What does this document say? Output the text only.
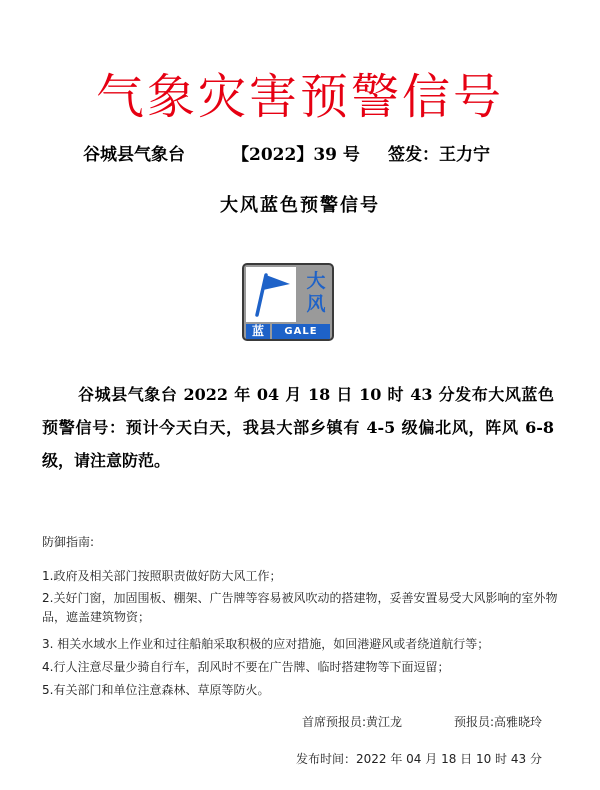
气象灾害预警信号
谷城县气象台	【2022】39 号 签发：王力宁
大风蓝色预警信号
大
风
蓝	GALE
谷城县气象台 2022 年 04 月 18 日 10 时 43 分发布大风蓝色预警信号：预计今天白天，我县大部乡镇有 4-5 级偏北风，阵风 6-8 级，请注意防范。
防御指南:
1.政府及相关部门按照职责做好防大风工作；
2.关好门窗，加固围板、棚架、广告牌等容易被风吹动的搭建物，妥善安置易受大风影响的室外物品，遮盖建筑物资；
3. 相关水域水上作业和过往船舶采取积极的应对措施，如回港避风或者绕道航行等；
4.行人注意尽量少骑自行车，刮风时不要在广告牌、临时搭建物等下面逗留；
5.有关部门和单位注意森林、草原等防火。
首席预报员:黄江龙	预报员:高雅晓玲
发布时间：2022 年 04 月 18 日 10 时 43 分
